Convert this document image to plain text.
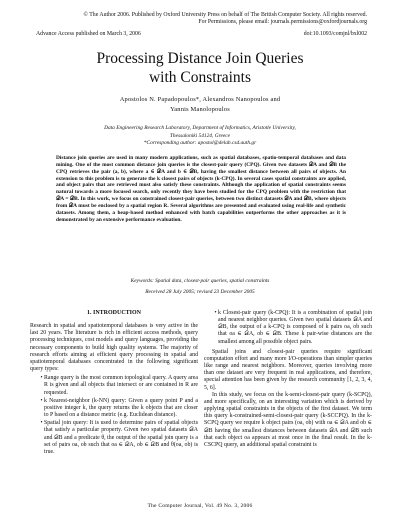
© The Author 2006. Published by Oxford University Press on behalf of The British Computer Society. All rights reserved.
For Permissions, please email: journals.permissions@oxfordjournals.org
Advance Access published on March 3, 2006	doi:10.1093/comjnl/bxl002
Processing Distance Join Queries
with Constraints
Apostolos N. Papadopoulos*, Alexandros Nanopoulos and
Yannis Manolopoulos
Data Engineering Research Laboratory, Department of Informatics, Aristotle University,
Thessaloniki 54124, Greece
*Corresponding author: apostol@delab.csd.auth.gr
Distance join queries are used in many modern applications, such as spatial databases, spatio-temporal databases and data mining. One of the most common distance join queries is the closest-pair query (CPQ). Given two datasets 𝒟A and 𝒟B the CPQ retrieves the pair (a, b), where a ∈ 𝒟A and b ∈ 𝒟B, having the smallest distance between all pairs of objects. An extension to this problem is to generate the k closest pairs of objects (k-CPQ). In several cases spatial constraints are applied, and object pairs that are retrieved must also satisfy these constraints. Although the application of spatial constraints seems natural towards a more focused search, only recently they have been studied for the CPQ problem with the restriction that 𝒟A = 𝒟B. In this work, we focus on constrained closest-pair queries, between two distinct datasets 𝒟A and 𝒟B, where objects from 𝒟A must be enclosed by a spatial region R. Several algorithms are presented and evaluated using real-life and synthetic datasets. Among them, a heap-based method enhanced with batch capabilities outperforms the other approaches as it is demonstrated by an extensive performance evaluation.
Keywords: Spatial data, closest-pair queries, spatial constraints
Received 28 July 2005; revised 23 December 2005
1. INTRODUCTION

Research in spatial and spatiotemporal databases is very active in the last 20 years. The literature is rich in efficient access methods, query processing techniques, cost models and query languages, providing the necessary components to build high quality systems. The majority of research efforts aiming at efficient query processing in spatial and spatiotemporal databases concentrated in the following significant query types:

• Range query is the most common topological query. A query area R is given and all objects that intersect or are contained in R are requested.
• k Nearest-neighbor (k-NN) query: Given a query point P and a positive integer k, the query returns the k objects that are closer to P based on a distance metric (e.g. Euclidean distance).
• Spatial join query: It is used to determine pairs of spatial objects that satisfy a particular property. Given two spatial datasets 𝒟A and 𝒟B and a predicate θ, the output of the spatial join query is a set of pairs oa, ob such that oa ∈ 𝒟A, ob ∈ 𝒟B and θ(oa, ob) is true.
• k Closest-pair query (k-CPQ): It is a combination of spatial join and nearest neighbor queries. Given two spatial datasets 𝒟A and 𝒟B, the output of a k-CPQ is composed of k pairs oa, ob such that oa ∈ 𝒟A, ob ∈ 𝒟B. These k pair-wise distances are the smallest among all possible object pairs.

Spatial joins and closest-pair queries require significant computation effort and many more I/O-operations than simpler queries like range and nearest neighbors. Moreover, queries involving more than one dataset are very frequent in real applications, and therefore, special attention has been given by the research community [1, 2, 3, 4, 5, 6].

In this study, we focus on the k-semi-closest-pair query (k-SCPQ), and more specifically, on an interesting variation which is derived by applying spatial constraints in the objects of the first dataset. We term this query k-constrained-semi-closest-pair query (k-SCCPQ). In the k-SCPQ query we require k object pairs (oa, ob) with oa ∈ 𝒟A and ob ∈ 𝒟B having the smallest distances between datasets 𝒟A and 𝒟B such that each object oa appears at most once in the final result. In the k-CSCPQ query, an additional spatial constraint is

The Computer Journal, Vol. 49 No. 3, 2006
